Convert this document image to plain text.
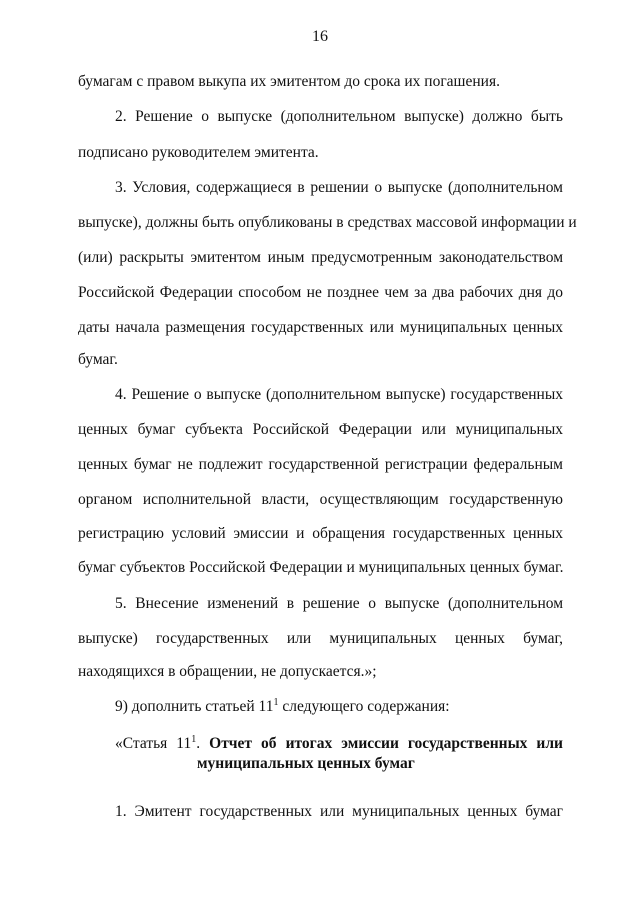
16
бумагам с правом выкупа их эмитентом до срока их погашения.
2. Решение о выпуске (дополнительном выпуске) должно быть
подписано руководителем эмитента.
3. Условия, содержащиеся в решении о выпуске (дополнительном
выпуске), должны быть опубликованы в средствах массовой информации и
(или) раскрыты эмитентом иным предусмотренным законодательством
Российской Федерации способом не позднее чем за два рабочих дня до
даты начала размещения государственных или муниципальных ценных
бумаг.
4. Решение о выпуске (дополнительном выпуске) государственных
ценных бумаг субъекта Российской Федерации или муниципальных
ценных бумаг не подлежит государственной регистрации федеральным
органом исполнительной власти, осуществляющим государственную
регистрацию условий эмиссии и обращения государственных ценных
бумаг субъектов Российской Федерации и муниципальных ценных бумаг.
5. Внесение изменений в решение о выпуске (дополнительном
выпуске) государственных или муниципальных ценных бумаг,
находящихся в обращении, не допускается.»;
9) дополнить статьей $11^1$ следующего содержания:
«Статья $11^1$. Отчет об итогах эмиссии государственных или
муниципальных ценных бумаг
1. Эмитент государственных или муниципальных ценных бумаг
